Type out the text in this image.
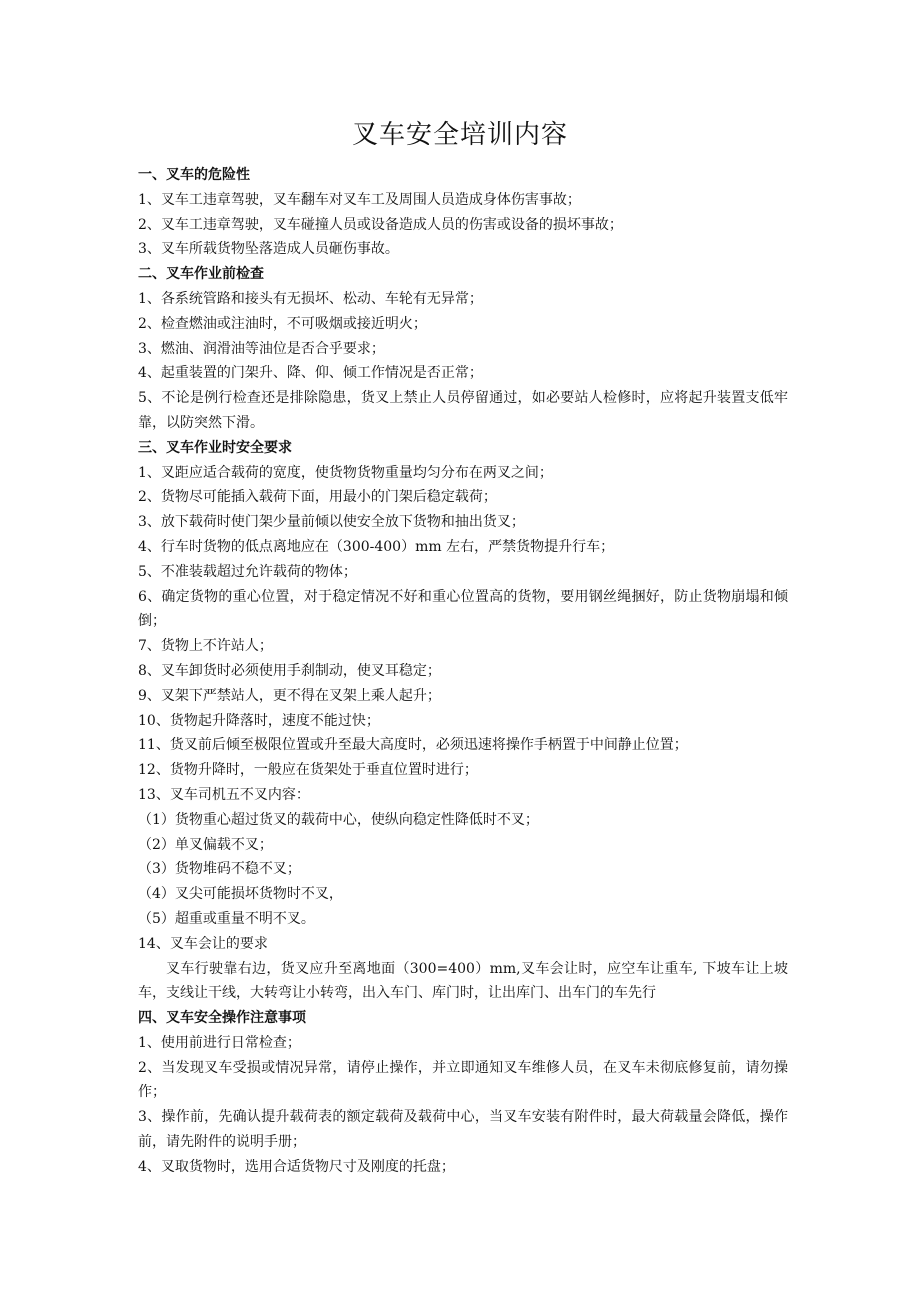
叉车安全培训内容
一、叉车的危险性

1、叉车工违章驾驶，叉车翻车对叉车工及周围人员造成身体伤害事故；

2、叉车工违章驾驶，叉车碰撞人员或设备造成人员的伤害或设备的损坏事故；

3、叉车所载货物坠落造成人员砸伤事故。

二、叉车作业前检查

1、各系统管路和接头有无损坏、松动、车轮有无异常；

2、检查燃油或注油时，不可吸烟或接近明火；

3、燃油、润滑油等油位是否合乎要求；

4、起重装置的门架升、降、仰、倾工作情况是否正常；

5、不论是例行检查还是排除隐患，货叉上禁止人员停留通过，如必要站人检修时，应将起升装置支低牢靠，以防突然下滑。

三、叉车作业时安全要求

1、叉距应适合载荷的宽度，使货物货物重量均匀分布在两叉之间；

2、货物尽可能插入载荷下面，用最小的门架后稳定载荷；

3、放下载荷时使门架少量前倾以使安全放下货物和抽出货叉；

4、行车时货物的低点离地应在（300-400）mm 左右，严禁货物提升行车；

5、不准装载超过允许载荷的物体；

6、确定货物的重心位置，对于稳定情况不好和重心位置高的货物，要用钢丝绳捆好，防止货物崩塌和倾倒；

7、货物上不许站人；

8、叉车卸货时必须使用手刹制动，使叉耳稳定；

9、叉架下严禁站人，更不得在叉架上乘人起升；

10、货物起升降落时，速度不能过快；

11、货叉前后倾至极限位置或升至最大高度时，必须迅速将操作手柄置于中间静止位置；

12、货物升降时，一般应在货架处于垂直位置时进行；

13、叉车司机五不叉内容：

（1）货物重心超过货叉的载荷中心，使纵向稳定性降低时不叉；

（2）单叉偏载不叉；

（3）货物堆码不稳不叉；

（4）叉尖可能损坏货物时不叉，

（5）超重或重量不明不叉。

14、叉车会让的要求

叉车行驶靠右边，货叉应升至离地面（300=400）mm,叉车会让时，应空车让重车, 下坡车让上坡车，支线让干线，大转弯让小转弯，出入车门、库门时，让出库门、出车门的车先行

四、叉车安全操作注意事项

1、使用前进行日常检查；

2、当发现叉车受损或情况异常，请停止操作，并立即通知叉车维修人员，在叉车未彻底修复前，请勿操作；

3、操作前，先确认提升载荷表的额定载荷及载荷中心，当叉车安装有附件时，最大荷载量会降低，操作前，请先附件的说明手册；

4、叉取货物时，选用合适货物尺寸及刚度的托盘；
